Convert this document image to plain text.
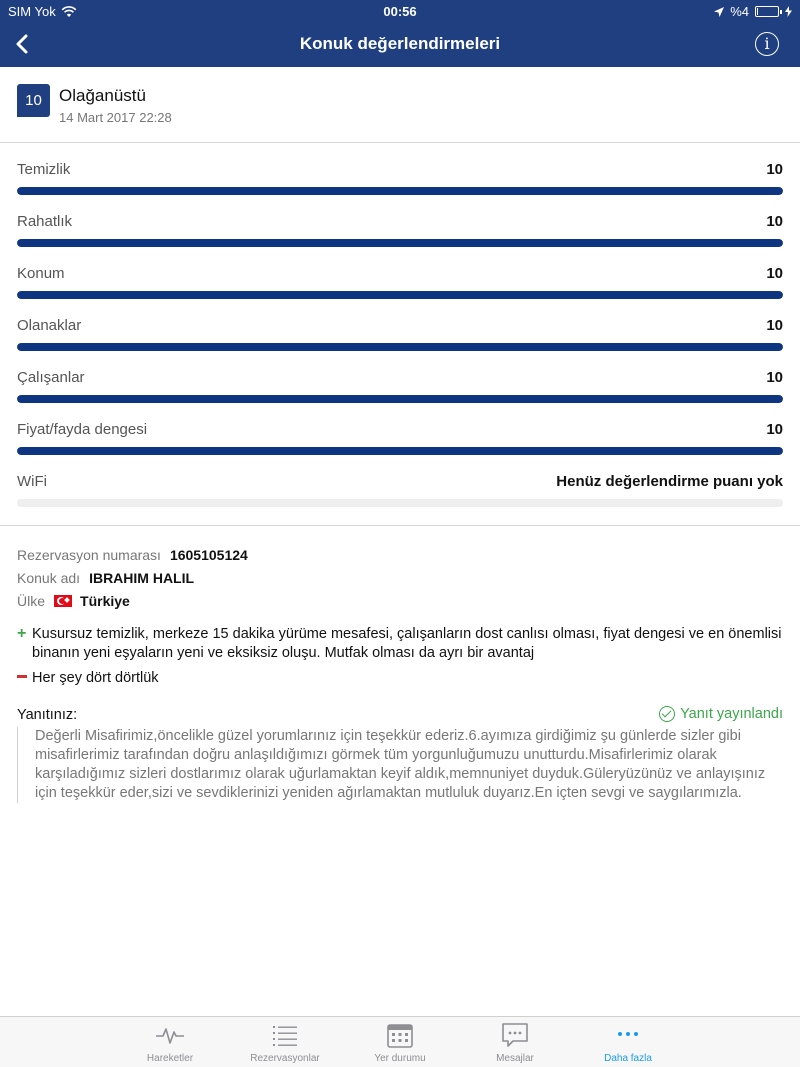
SIM Yok	00:56	%4
Konuk değerlendirmeleri	i
10	Olağanüstü
14 Mart 2017 22:28
Temizlik	10
Rahatlık	10
Konum	10
Olanaklar	10
Çalışanlar	10
Fiyat/fayda dengesi	10
WiFi	Henüz değerlendirme puanı yok
Rezervasyon numarası 1605105124
Konuk adı IBRAHIM HALIL
Ülke	Türkiye
+ Kusursuz temizlik, merkeze 15 dakika yürüme mesafesi, çalışanların dost canlısı olması, fiyat dengesi ve en önemlisi binanın yeni eşyaların yeni ve eksiksiz oluşu. Mutfak olması da ayrı bir avantaj
Her şey dört dörtlük
Yanıtınız:	Yanıt yayınlandı
Değerli Misafirimiz,öncelikle güzel yorumlarınız için teşekkür ederiz.6.ayımıza girdiğimiz şu günlerde sizler gibi misafirlerimiz tarafından doğru anlaşıldığımızı görmek tüm yorgunluğumuzu unutturdu.Misafirlerimiz olarak karşıladığımız sizleri dostlarımız olarak uğurlamaktan keyif aldık,memnuniyet duyduk.Güleryüzünüz ve anlayışınız için teşekkür eder,sizi ve sevdiklerinizi yeniden ağırlamaktan mutluluk duyarız.En içten sevgi ve saygılarımızla.
Hareketler	Rezervasyonlar	Yer durumu	Mesajlar	Daha fazla
